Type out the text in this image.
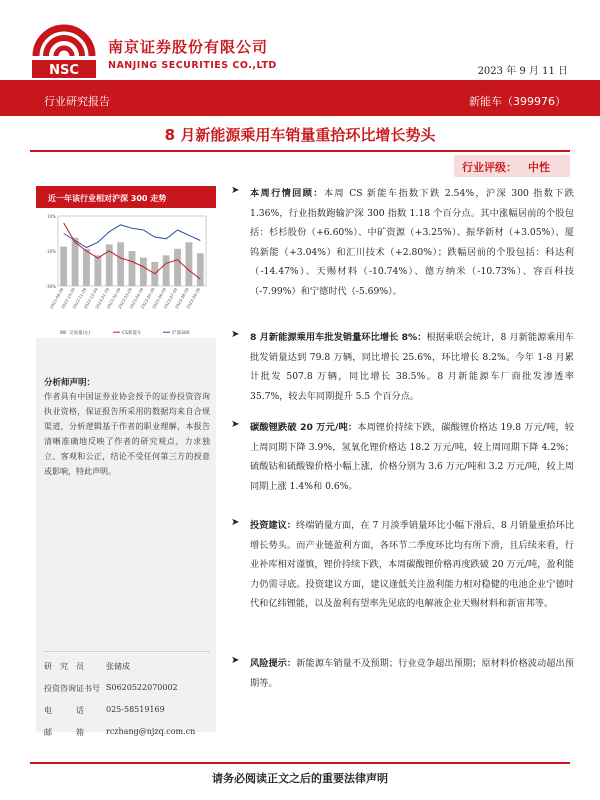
NSC
南京证券股份有限公司
NANJING SECURITIES CO.,LTD
2023 年 9 月 11 日
行业研究报告	新能车（399976）
8 月新能源乘用车销量重拾环比增长势头
行业评级： 中性
近一年该行业相对沪深 300 走势
-30%
-10%
10%
2022-09-09
2022-10-09
2022-11-09
2022-12-09
2023-01-09
2023-02-09
2023-03-09
2023-04-09
2023-05-09
2023-06-09
2023-07-09
2023-08-09
2023-09-09
交易量(左)	CS新能车	沪深300
分析师声明：
作者具有中国证券业协会授予的证券投资咨询执业资格，保证报告所采用的数据均来自合规渠道，分析逻辑基于作者的职业理解，本报告清晰准确地反映了作者的研究观点，力求独立、客观和公正，结论不受任何第三方的授意或影响，特此声明。
研　究　员	张储成
投资咨询证书号 S0620522070002
电　　　话	025-58519169
邮　　　箱	rczhang@njzq.com.cn
➤ 本周行情回顾：本周 CS 新能车指数下跌 2.54%，沪深 300 指数下跌 1.36%，行业指数跑输沪深 300 指数 1.18 个百分点。其中涨幅居前的个股包括：杉杉股份（+6.60%）、中矿资源（+3.25%）、振华新材（+3.05%）、厦钨新能（+3.04%）和汇川技术（+2.80%）；跌幅居前的个股包括：科达利（-14.47%）、天赐材料（-10.74%）、德方纳米（-10.73%）、容百科技（-7.99%）和宁德时代（-5.69%）。
➤ 8 月新能源乘用车批发销量环比增长 8%：根据乘联会统计，8 月新能源乘用车批发销量达到 79.8 万辆，同比增长 25.6%，环比增长 8.2%。今年 1-8 月累计批发 507.8 万辆，同比增长 38.5%。8 月新能源车厂商批发渗透率 35.7%，较去年同期提升 5.5 个百分点。
➤ 碳酸锂跌破 20 万元/吨：本周锂价持续下跌，碳酸锂价格达 19.8 万元/吨，较上周同期下降 3.9%，氢氧化锂价格达 18.2 万元/吨，较上周同期下降 4.2%；硫酸钴和硫酸镍价格小幅上涨，价格分别为 3.6 万元/吨和 3.2 万元/吨，较上周同期上涨 1.4%和 0.6%。
➤ 投资建议：终端销量方面，在 7 月淡季销量环比小幅下滑后，8 月销量重拾环比增长势头。而产业链盈利方面，各环节二季度环比均有所下滑，且后续来看，行业补库相对谨慎，锂价持续下跌，本周碳酸锂价格再度跌破 20 万元/吨，盈利能力仍需寻底。投资建议方面，建议逢低关注盈利能力相对稳健的电池企业宁德时代和亿纬锂能，以及盈利有望率先见底的电解液企业天赐材料和新宙邦等。
➤ 风险提示：新能源车销量不及预期；行业竞争超出预期；原材料价格波动超出预期等。
请务必阅读正文之后的重要法律声明
